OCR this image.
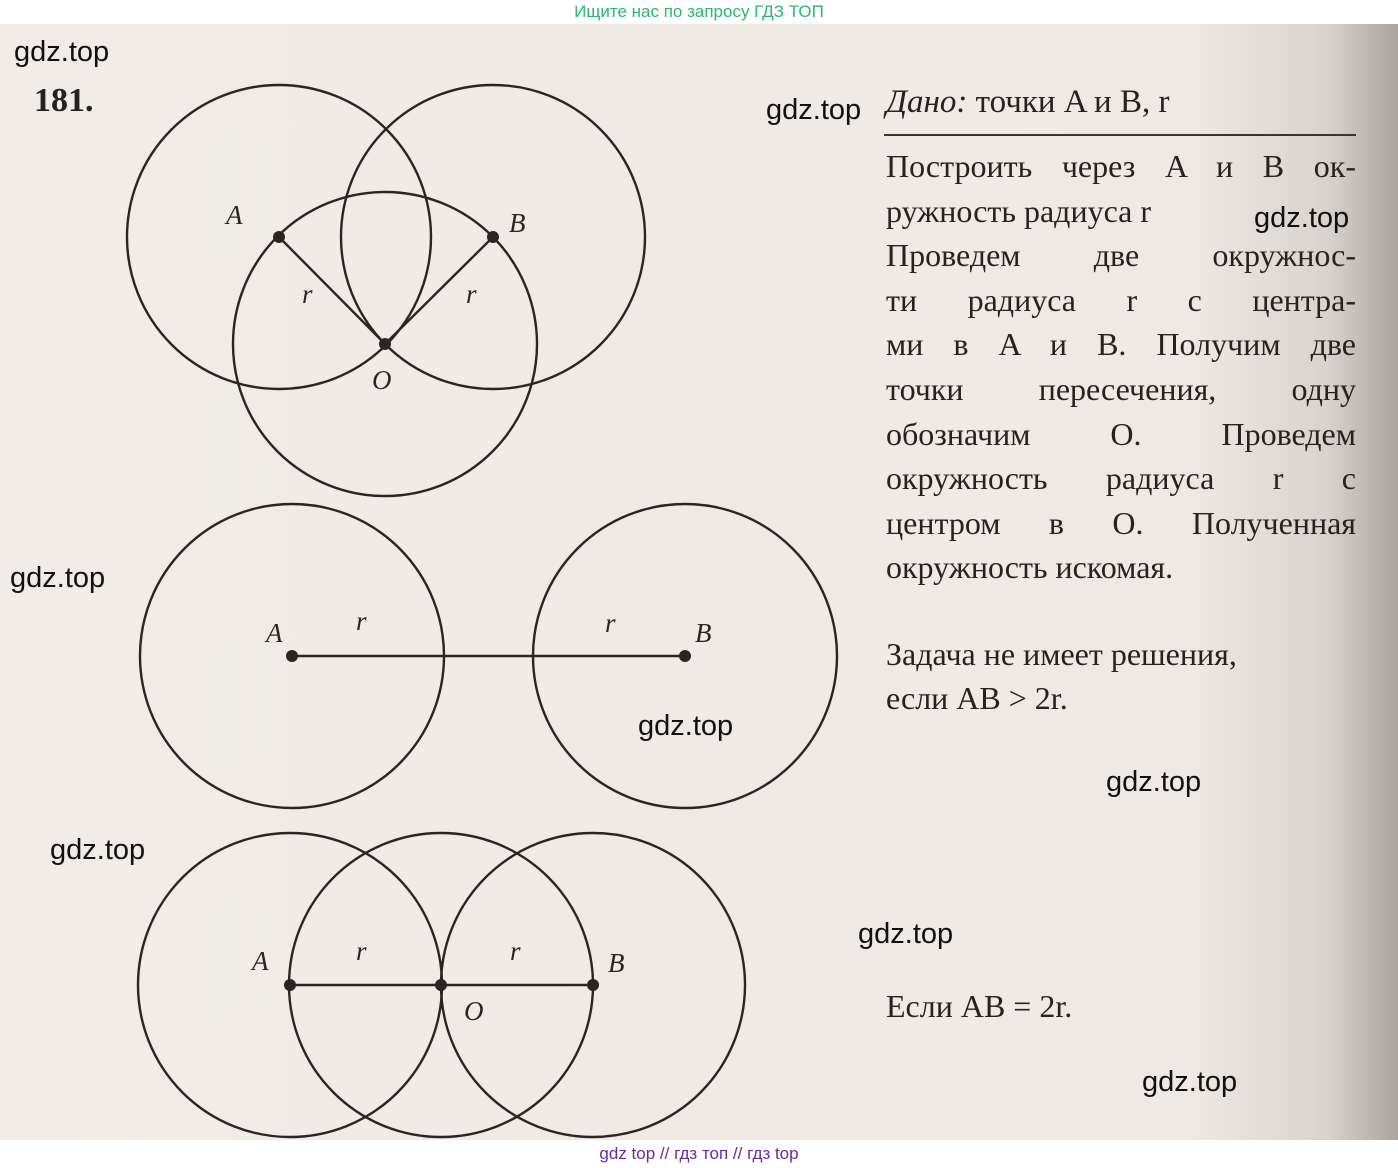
Ищите нас по запросу ГДЗ ТОП
A	B
r	r
O
A	r	r	B
A	r	r	B
O
181.	Дано: точки A и B, r
Построить через A и B ок-
ружность радиуса r
Проведем две окружнос-
ти радиуса r с центра-
ми в A и B. Получим две
точки пересечения, одну
обозначим O. Проведем
окружность радиуса r с
центром в O. Полученная
окружность искомая.
Задача не имеет решения,
если AB > 2r.
Если AB = 2r.
gdz.top
gdz.top
gdz.top
gdz.top
gdz.top
gdz.top
gdz.top
gdz.top
gdz.top
gdz top // гдз топ // гдз top
